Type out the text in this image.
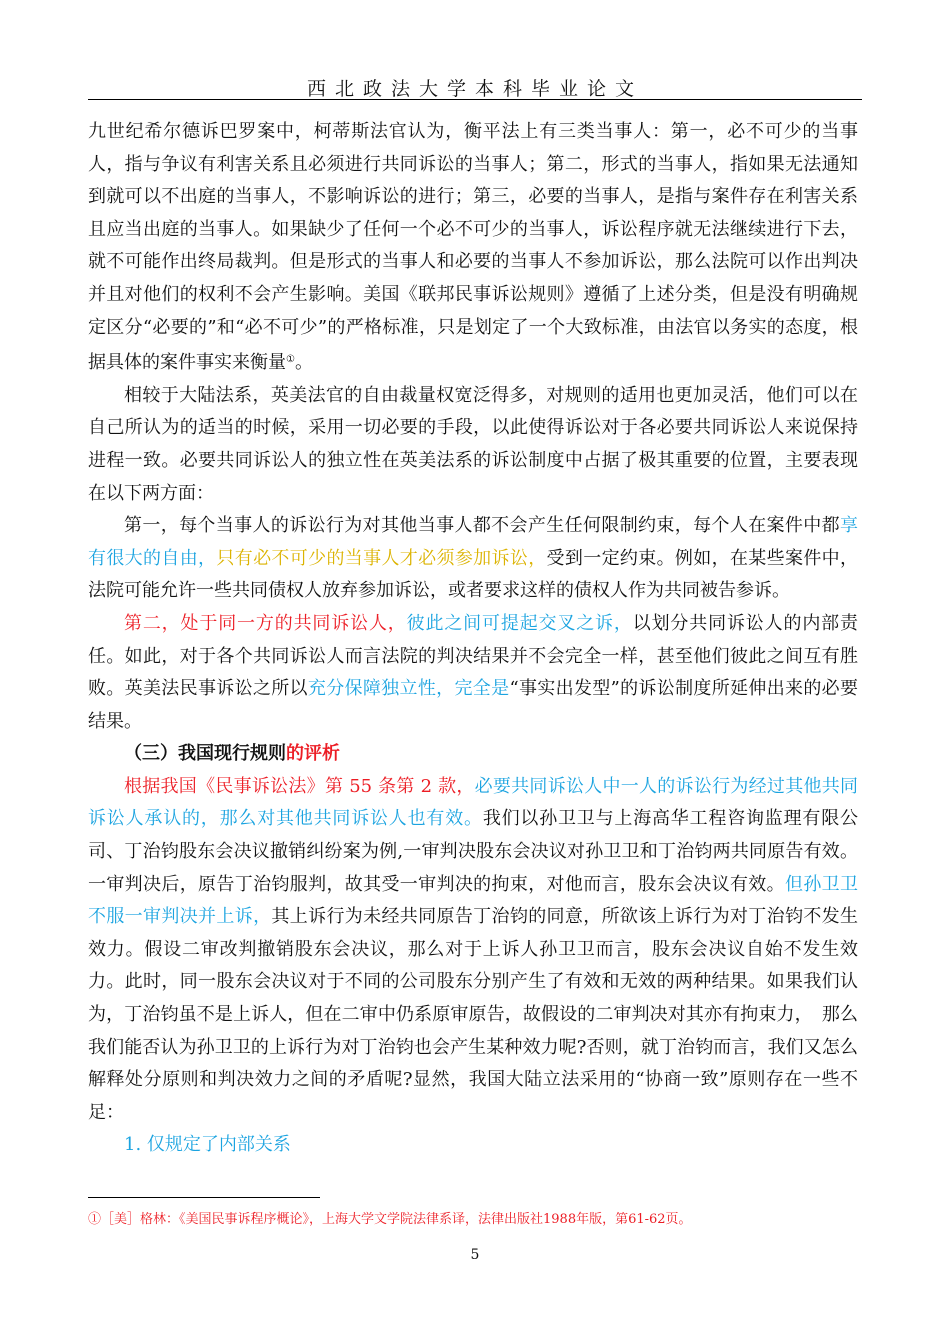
西北政法大学本科毕业论文

九世纪希尔德诉巴罗案中，柯蒂斯法官认为，衡平法上有三类当事人：第一，必不可少的当事人，指与争议有利害关系且必须进行共同诉讼的当事人；第二，形式的当事人，指如果无法通知到就可以不出庭的当事人，不影响诉讼的进行；第三，必要的当事人，是指与案件存在利害关系且应当出庭的当事人。如果缺少了任何一个必不可少的当事人，诉讼程序就无法继续进行下去，就不可能作出终局裁判。但是形式的当事人和必要的当事人不参加诉讼，那么法院可以作出判决并且对他们的权利不会产生影响。美国《联邦民事诉讼规则》遵循了上述分类，但是没有明确规定区分“必要的”和“必不可少”的严格标准，只是划定了一个大致标准，由法官以务实的态度，根据具体的案件事实来衡量①。

相较于大陆法系，英美法官的自由裁量权宽泛得多，对规则的适用也更加灵活，他们可以在自己所认为的适当的时候，采用一切必要的手段，以此使得诉讼对于各必要共同诉讼人来说保持进程一致。必要共同诉讼人的独立性在英美法系的诉讼制度中占据了极其重要的位置，主要表现在以下两方面：

第一，每个当事人的诉讼行为对其他当事人都不会产生任何限制约束，每个人在案件中都享有很大的自由，只有必不可少的当事人才必须参加诉讼，受到一定约束。例如，在某些案件中，法院可能允许一些共同债权人放弃参加诉讼，或者要求这样的债权人作为共同被告参诉。

第二，处于同一方的共同诉讼人，彼此之间可提起交叉之诉，以划分共同诉讼人的内部责任。如此，对于各个共同诉讼人而言法院的判决结果并不会完全一样，甚至他们彼此之间互有胜败。英美法民事诉讼之所以充分保障独立性，完全是“事实出发型”的诉讼制度所延伸出来的必要结果。

（三）我国现行规则的评析

根据我国《民事诉讼法》第 55 条第 2 款，必要共同诉讼人中一人的诉讼行为经过其他共同诉讼人承认的，那么对其他共同诉讼人也有效。我们以孙卫卫与上海高华工程咨询监理有限公司、丁治钧股东会决议撤销纠纷案为例,一审判决股东会决议对孙卫卫和丁治钧两共同原告有效。一审判决后，原告丁治钧服判，故其受一审判决的拘束，对他而言，股东会决议有效。但孙卫卫不服一审判决并上诉，其上诉行为未经共同原告丁治钧的同意，所欲该上诉行为对丁治钧不发生效力。假设二审改判撤销股东会决议，那么对于上诉人孙卫卫而言，股东会决议自始不发生效力。此时，同一股东会决议对于不同的公司股东分别产生了有效和无效的两种结果。如果我们认为，丁治钧虽不是上诉人，但在二审中仍系原审原告，故假设的二审判决对其亦有拘束力，　那么我们能否认为孙卫卫的上诉行为对丁治钧也会产生某种效力呢?否则，就丁治钧而言，我们又怎么解释处分原则和判决效力之间的矛盾呢?显然，我国大陆立法采用的“协商一致”原则存在一些不足：

1. 仅规定了内部关系

①［美］格林：《美国民事诉程序概论》，上海大学文学院法律系译，法律出版社1988年版，第61-62页。
5
